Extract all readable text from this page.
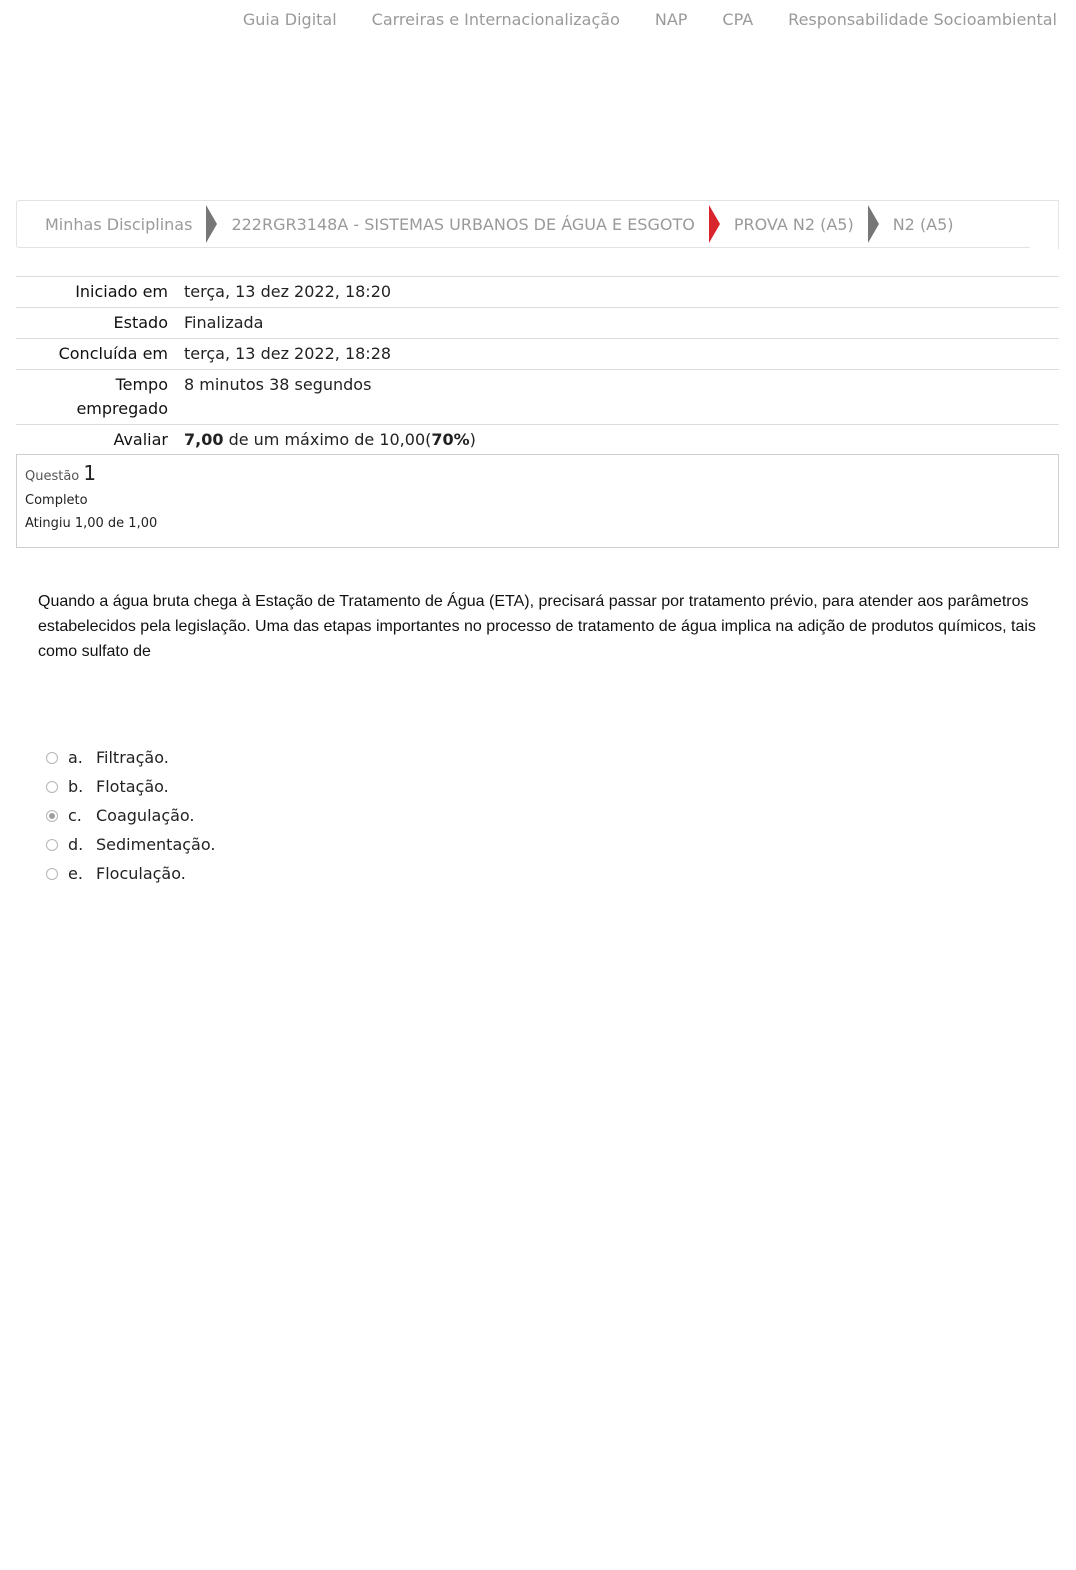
Guia Digital Carreiras e Internacionalização NAP CPA Responsabilidade Socioambiental
Minhas Disciplinas 222RGR3148A - SISTEMAS URBANOS DE ÁGUA E ESGOTO PROVA N2 (A5) N2 (A5)
Iniciado em	terça, 13 dez 2022, 18:20
Estado	Finalizada
Concluída em	terça, 13 dez 2022, 18:28
Tempo
empregado	8 minutos 38 segundos
Avaliar	7,00 de um máximo de 10,00(70%)
Questão 1
Completo
Atingiu 1,00 de 1,00
Quando a água bruta chega à Estação de Tratamento de Água (ETA), precisará passar por tratamento prévio, para atender aos parâmetros estabelecidos pela legislação. Uma das etapas importantes no processo de tratamento de água implica na adição de produtos químicos, tais como sulfato de
a. Filtração.
b. Flotação.
c. Coagulação.
d. Sedimentação.
e. Floculação.
